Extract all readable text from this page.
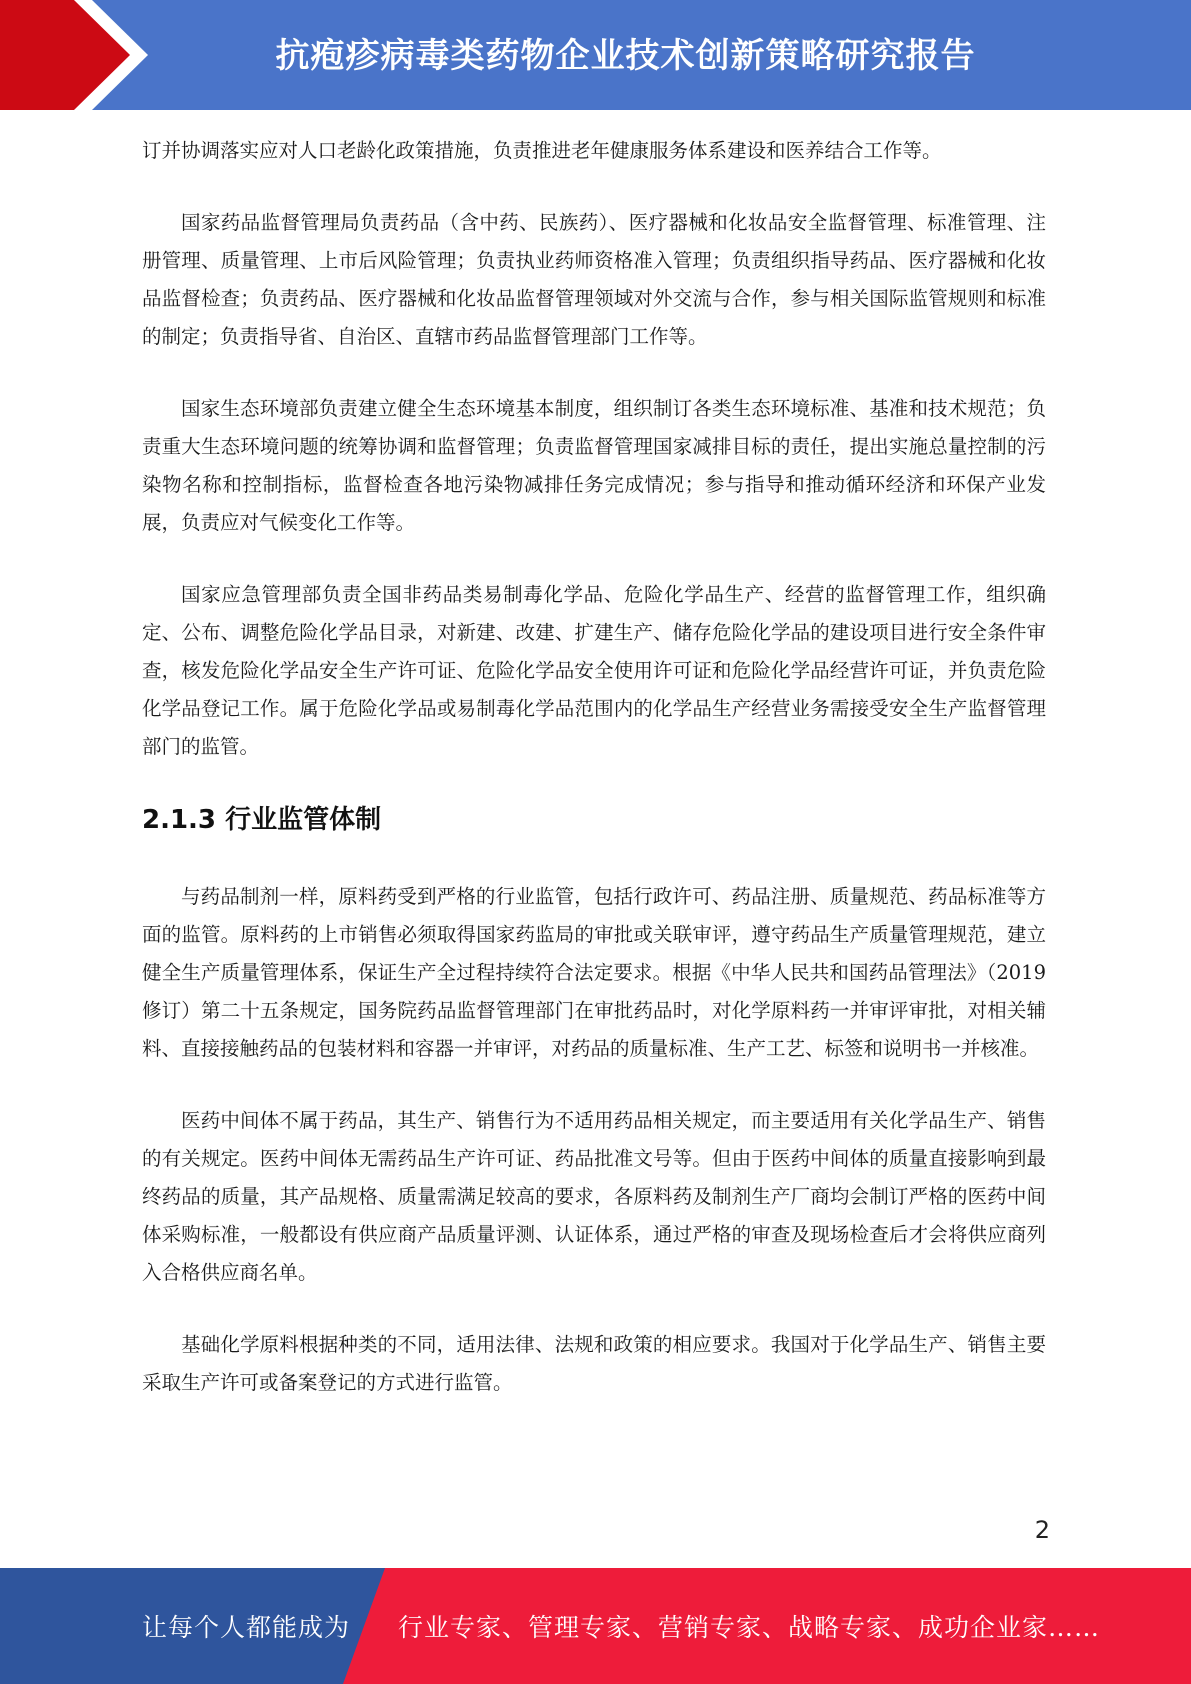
抗疱疹病毒类药物企业技术创新策略研究报告

订并协调落实应对人口老龄化政策措施，负责推进老年健康服务体系建设和医养结合工作等。

国家药品监督管理局负责药品（含中药、民族药）、医疗器械和化妆品安全监督管理、标准管理、注册管理、质量管理、上市后风险管理；负责执业药师资格准入管理；负责组织指导药品、医疗器械和化妆品监督检查；负责药品、医疗器械和化妆品监督管理领域对外交流与合作，参与相关国际监管规则和标准的制定；负责指导省、自治区、直辖市药品监督管理部门工作等。

国家生态环境部负责建立健全生态环境基本制度，组织制订各类生态环境标准、基准和技术规范；负责重大生态环境问题的统筹协调和监督管理；负责监督管理国家减排目标的责任，提出实施总量控制的污染物名称和控制指标，监督检查各地污染物减排任务完成情况；参与指导和推动循环经济和环保产业发展，负责应对气候变化工作等。

国家应急管理部负责全国非药品类易制毒化学品、危险化学品生产、经营的监督管理工作，组织确定、公布、调整危险化学品目录，对新建、改建、扩建生产、储存危险化学品的建设项目进行安全条件审查，核发危险化学品安全生产许可证、危险化学品安全使用许可证和危险化学品经营许可证，并负责危险化学品登记工作。属于危险化学品或易制毒化学品范围内的化学品生产经营业务需接受安全生产监督管理部门的监管。

2.1.3 行业监管体制

与药品制剂一样，原料药受到严格的行业监管，包括行政许可、药品注册、质量规范、药品标准等方面的监管。原料药的上市销售必须取得国家药监局的审批或关联审评，遵守药品生产质量管理规范，建立健全生产质量管理体系，保证生产全过程持续符合法定要求。根据《中华人民共和国药品管理法》（2019 修订）第二十五条规定，国务院药品监督管理部门在审批药品时，对化学原料药一并审评审批，对相关辅料、直接接触药品的包装材料和容器一并审评，对药品的质量标准、生产工艺、标签和说明书一并核准。

医药中间体不属于药品，其生产、销售行为不适用药品相关规定，而主要适用有关化学品生产、销售的有关规定。医药中间体无需药品生产许可证、药品批准文号等。但由于医药中间体的质量直接影响到最终药品的质量，其产品规格、质量需满足较高的要求，各原料药及制剂生产厂商均会制订严格的医药中间体采购标准，一般都设有供应商产品质量评测、认证体系，通过严格的审查及现场检查后才会将供应商列入合格供应商名单。

基础化学原料根据种类的不同，适用法律、法规和政策的相应要求。我国对于化学品生产、销售主要采取生产许可或备案登记的方式进行监管。

2
让每个人都能成为 行业专家、管理专家、营销专家、战略专家、成功企业家……
